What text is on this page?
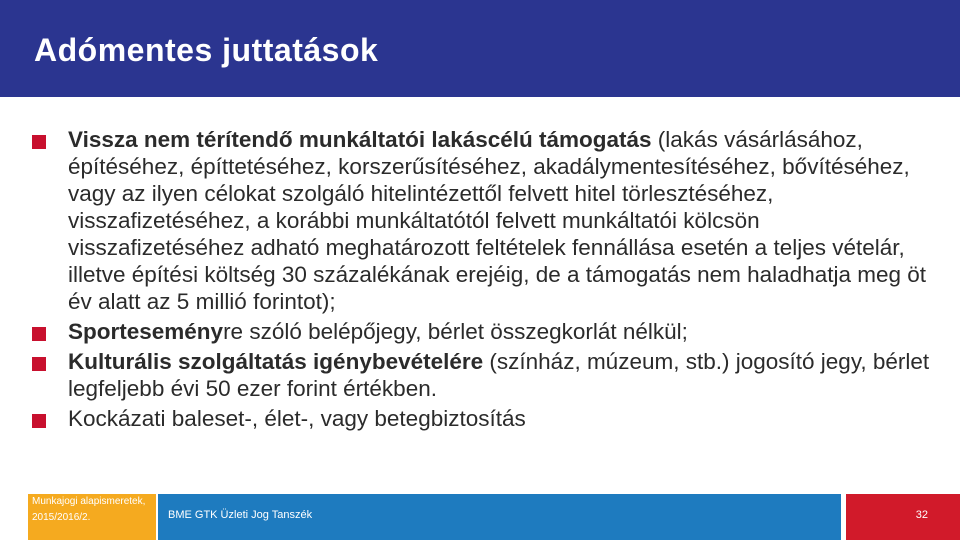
Adómentes juttatások
Vissza nem térítendő munkáltatói lakáscélú támogatás (lakás vásárlásához, építéséhez, építtetéséhez, korszerűsítéséhez, akadálymentesítéséhez, bővítéséhez, vagy az ilyen célokat szolgáló hitelintézettől felvett hitel törlesztéséhez, visszafizetéséhez, a korábbi munkáltatótól felvett munkáltatói kölcsön visszafizetéséhez adható meghatározott feltételek fennállása esetén a teljes vételár, illetve építési költség 30 százalékának erejéig, de a támogatás nem haladhatja meg öt év alatt az 5 millió forintot);
Sporteseményre szóló belépőjegy, bérlet összegkorlát nélkül;
Kulturális szolgáltatás igénybevételére (színház, múzeum, stb.) jogosító jegy, bérlet legfeljebb évi 50 ezer forint értékben.
Kockázati baleset-, élet-, vagy betegbiztosítás
Munkajogi alapismeretek, 2015/2016/2.	BME GTK Üzleti Jog Tanszék	32
